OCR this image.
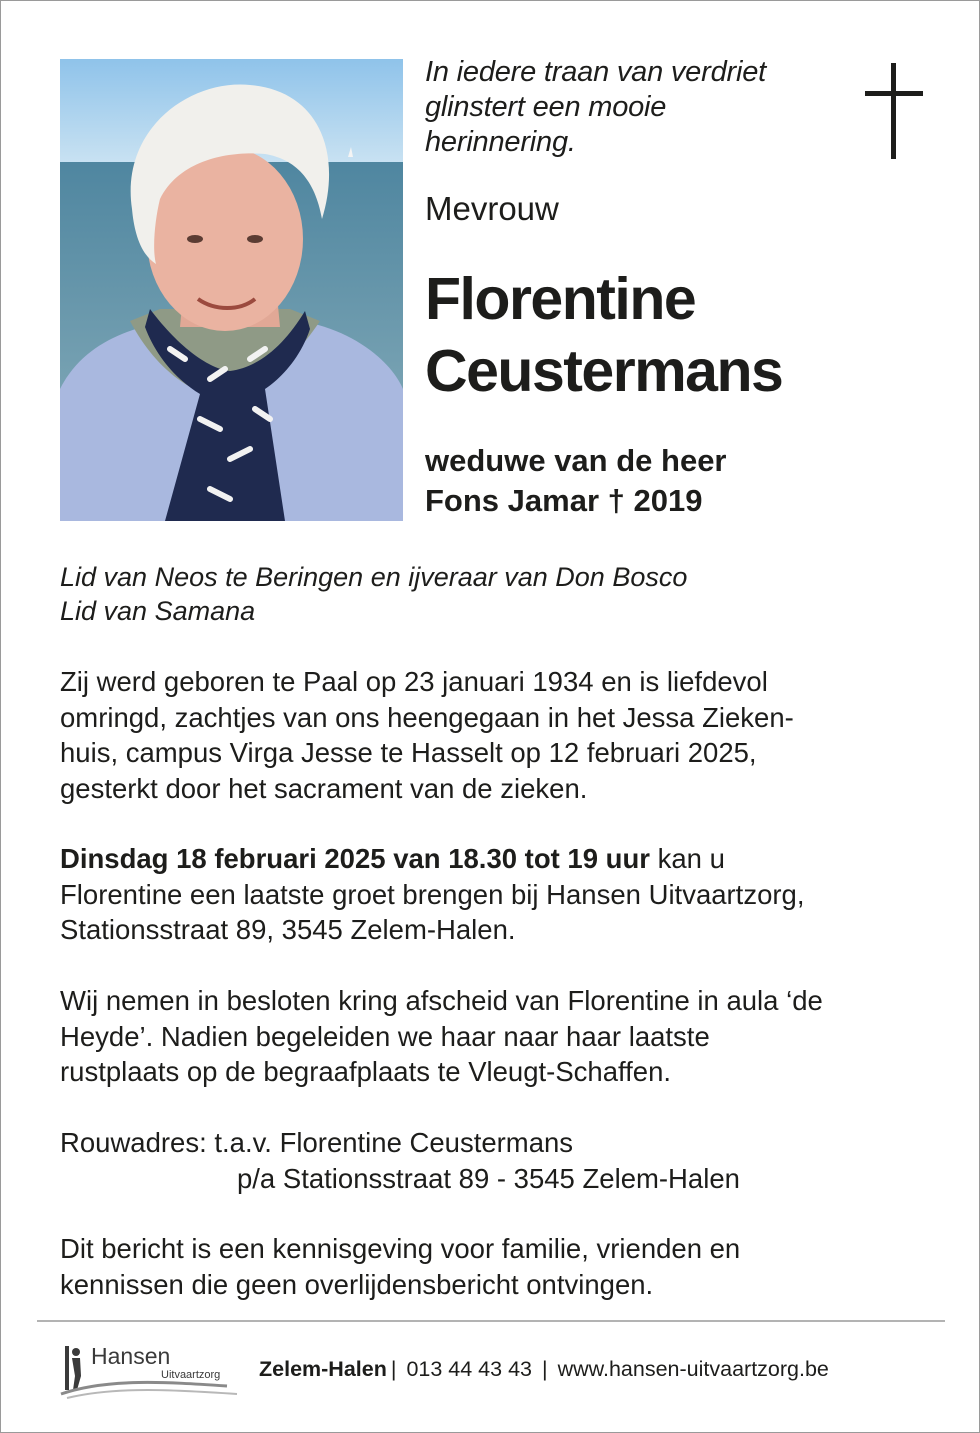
In iedere traan van verdriet
glinstert een mooie
herinnering.
Mevrouw
Florentine
Ceustermans
weduwe van de heer
Fons Jamar † 2019
Lid van Neos te Beringen en ijveraar van Don Bosco
Lid van Samana
Zij werd geboren te Paal op 23 januari 1934 en is liefdevol
omringd, zachtjes van ons heengegaan in het Jessa Zieken-
huis, campus Virga Jesse te Hasselt op 12 februari 2025,
gesterkt door het sacrament van de zieken.
Dinsdag 18 februari 2025 van 18.30 tot 19 uur kan u
Florentine een laatste groet brengen bij Hansen Uitvaartzorg,
Stationsstraat 89, 3545 Zelem-Halen.
Wij nemen in besloten kring afscheid van Florentine in aula ‘de
Heyde’. Nadien begeleiden we haar naar haar laatste
rustplaats op de begraafplaats te Vleugt-Schaffen.
Rouwadres: t.a.v. Florentine Ceustermans
p/a Stationsstraat 89 - 3545 Zelem-Halen
Dit bericht is een kennisgeving voor familie, vrienden en
kennissen die geen overlijdensbericht ontvingen.
Hansen
Uitvaartzorg Zelem-Halen | 013 44 43 43 | www.hansen-uitvaartzorg.be
